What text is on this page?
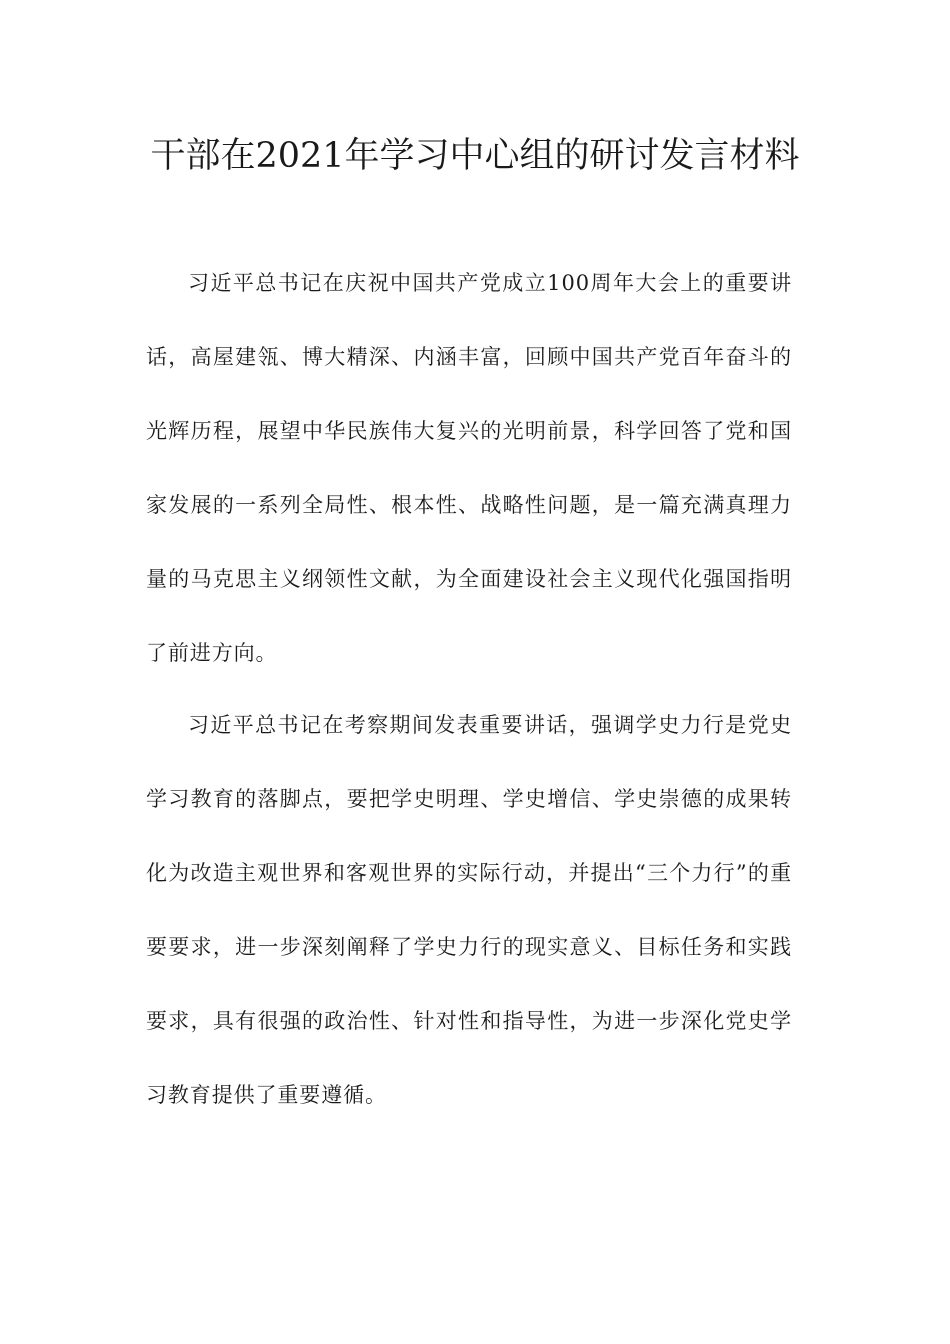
干部在2021年学习中心组的研讨发言材料

习近平总书记在庆祝中国共产党成立100周年大会上的重要讲话，高屋建瓴、博大精深、内涵丰富，回顾中国共产党百年奋斗的光辉历程，展望中华民族伟大复兴的光明前景，科学回答了党和国家发展的一系列全局性、根本性、战略性问题，是一篇充满真理力量的马克思主义纲领性文献，为全面建设社会主义现代化强国指明了前进方向。

习近平总书记在考察期间发表重要讲话，强调学史力行是党史学习教育的落脚点，要把学史明理、学史增信、学史崇德的成果转化为改造主观世界和客观世界的实际行动，并提出“三个力行”的重要要求，进一步深刻阐释了学史力行的现实意义、目标任务和实践要求，具有很强的政治性、针对性和指导性，为进一步深化党史学习教育提供了重要遵循。
